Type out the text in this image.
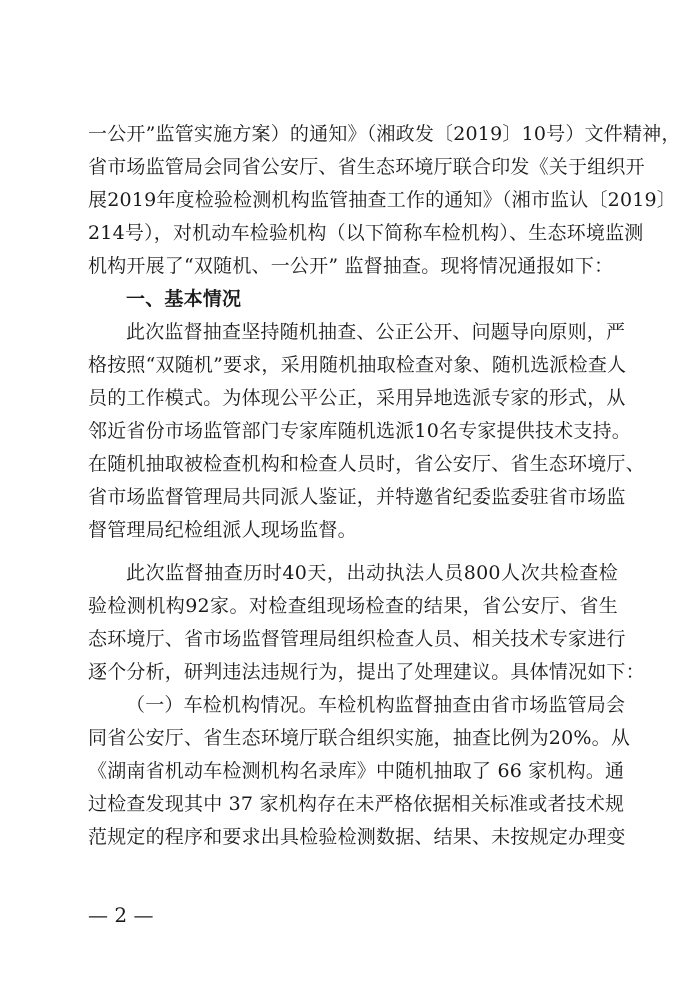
一公开”监管实施方案）的通知》（湘政发〔2019〕10号）文件精神，
省市场监管局会同省公安厅、省生态环境厅联合印发《关于组织开
展2019年度检验检测机构监管抽查工作的通知》（湘市监认〔2019〕
214号），对机动车检验机构（以下简称车检机构）、生态环境监测
机构开展了“双随机、一公开” 监督抽查。现将情况通报如下：
一、基本情况
此次监督抽查坚持随机抽查、公正公开、问题导向原则，严
格按照“双随机”要求，采用随机抽取检查对象、随机选派检查人
员的工作模式。为体现公平公正，采用异地选派专家的形式，从
邻近省份市场监管部门专家库随机选派10名专家提供技术支持。
在随机抽取被检查机构和检查人员时，省公安厅、省生态环境厅、
省市场监督管理局共同派人鉴证，并特邀省纪委监委驻省市场监
督管理局纪检组派人现场监督。
此次监督抽查历时40天，出动执法人员800人次共检查检
验检测机构92家。对检查组现场检查的结果，省公安厅、省生
态环境厅、省市场监督管理局组织检查人员、相关技术专家进行
逐个分析，研判违法违规行为，提出了处理建议。具体情况如下：
（一）车检机构情况。车检机构监督抽查由省市场监管局会
同省公安厅、省生态环境厅联合组织实施，抽查比例为20%。从
《湖南省机动车检测机构名录库》中随机抽取了 66 家机构。通
过检查发现其中 37 家机构存在未严格依据相关标准或者技术规
范规定的程序和要求出具检验检测数据、结果、未按规定办理变
— 2 —
